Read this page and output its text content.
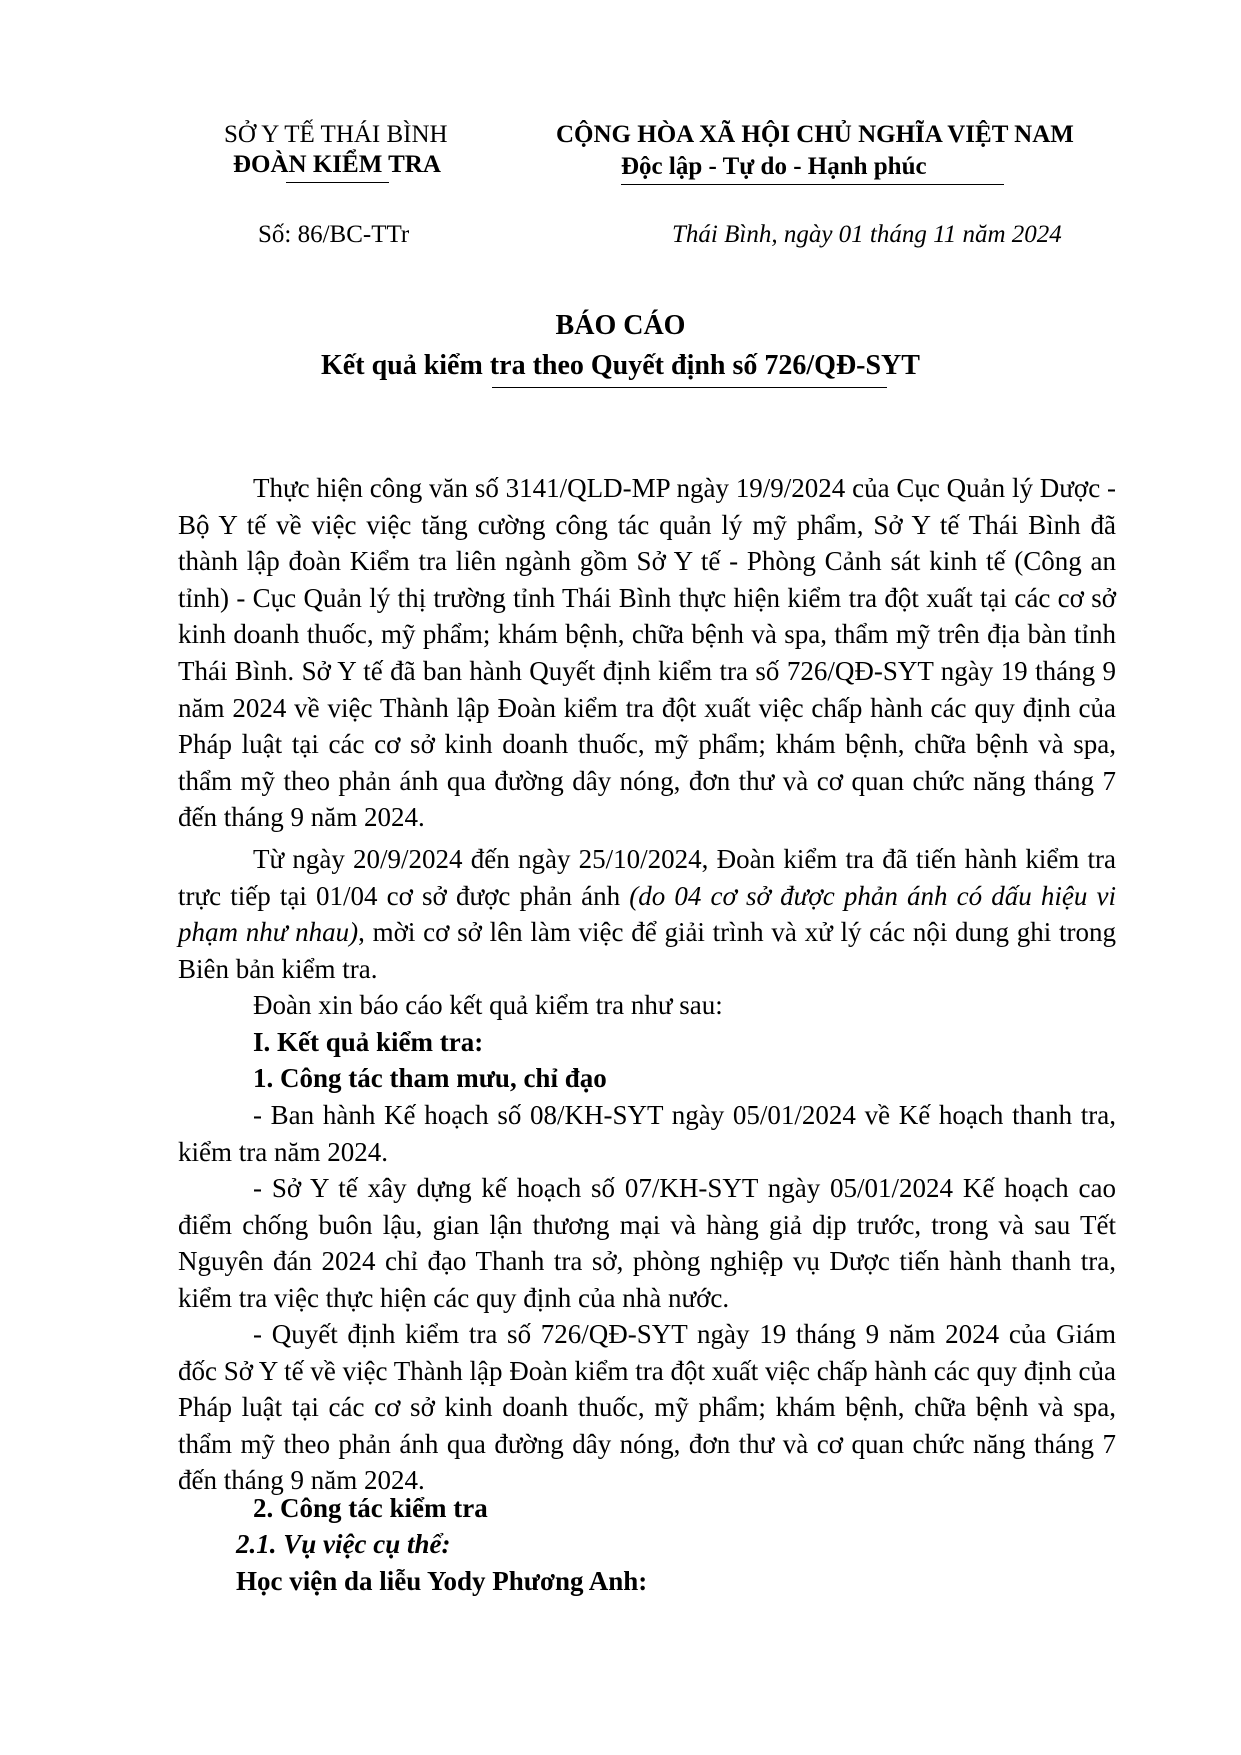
SỞ Y TẾ THÁI BÌNH
ĐOÀN KIỂM TRA
Số: 86/BC-TTr
CỘNG HÒA XÃ HỘI CHỦ NGHĨA VIỆT NAM
Độc lập - Tự do - Hạnh phúc
Thái Bình, ngày 01 tháng 11 năm 2024
BÁO CÁO
Kết quả kiểm tra theo Quyết định số 726/QĐ-SYT

Thực hiện công văn số 3141/QLD-MP ngày 19/9/2024 của Cục Quản lý Dược - Bộ Y tế về việc việc tăng cường công tác quản lý mỹ phẩm, Sở Y tế Thái Bình đã thành lập đoàn Kiểm tra liên ngành gồm Sở Y tế - Phòng Cảnh sát kinh tế (Công an tỉnh) - Cục Quản lý thị trường tỉnh Thái Bình thực hiện kiểm tra đột xuất tại các cơ sở kinh doanh thuốc, mỹ phẩm; khám bệnh, chữa bệnh và spa, thẩm mỹ trên địa bàn tỉnh Thái Bình. Sở Y tế đã ban hành Quyết định kiểm tra số 726/QĐ-SYT ngày 19 tháng 9 năm 2024 về việc Thành lập Đoàn kiểm tra đột xuất việc chấp hành các quy định của Pháp luật tại các cơ sở kinh doanh thuốc, mỹ phẩm; khám bệnh, chữa bệnh và spa, thẩm mỹ theo phản ánh qua đường dây nóng, đơn thư và cơ quan chức năng tháng 7 đến tháng 9 năm 2024.

Từ ngày 20/9/2024 đến ngày 25/10/2024, Đoàn kiểm tra đã tiến hành kiểm tra trực tiếp tại 01/04 cơ sở được phản ánh (do 04 cơ sở được phản ánh có dấu hiệu vi phạm như nhau), mời cơ sở lên làm việc để giải trình và xử lý các nội dung ghi trong Biên bản kiểm tra.

Đoàn xin báo cáo kết quả kiểm tra như sau:
I. Kết quả kiểm tra:
1. Công tác tham mưu, chỉ đạo

- Ban hành Kế hoạch số 08/KH-SYT ngày 05/01/2024 về Kế hoạch thanh tra, kiểm tra năm 2024.

- Sở Y tế xây dựng kế hoạch số 07/KH-SYT ngày 05/01/2024 Kế hoạch cao điểm chống buôn lậu, gian lận thương mại và hàng giả dịp trước, trong và sau Tết Nguyên đán 2024 chỉ đạo Thanh tra sở, phòng nghiệp vụ Dược tiến hành thanh tra, kiểm tra việc thực hiện các quy định của nhà nước.

- Quyết định kiểm tra số 726/QĐ-SYT ngày 19 tháng 9 năm 2024 của Giám đốc Sở Y tế về việc Thành lập Đoàn kiểm tra đột xuất việc chấp hành các quy định của Pháp luật tại các cơ sở kinh doanh thuốc, mỹ phẩm; khám bệnh, chữa bệnh và spa, thẩm mỹ theo phản ánh qua đường dây nóng, đơn thư và cơ quan chức năng tháng 7 đến tháng 9 năm 2024.

2. Công tác kiểm tra
2.1. Vụ việc cụ thể:
Học viện da liễu Yody Phương Anh:
